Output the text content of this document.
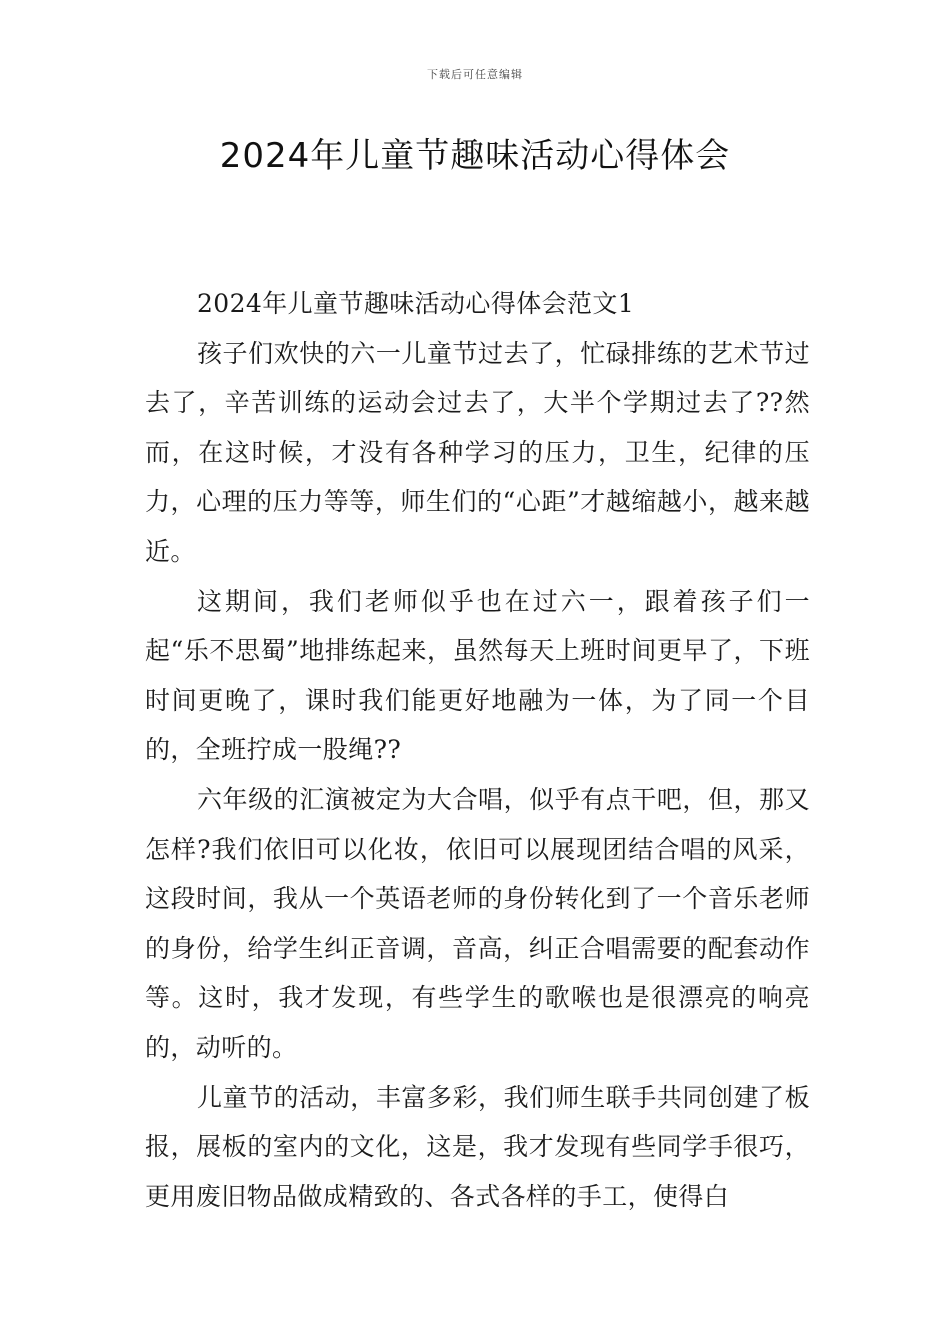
下载后可任意编辑
2024年儿童节趣味活动心得体会

2024年儿童节趣味活动心得体会范文1

孩子们欢快的六一儿童节过去了，忙碌排练的艺术节过去了，辛苦训练的运动会过去了，大半个学期过去了??然而，在这时候，才没有各种学习的压力，卫生，纪律的压力，心理的压力等等，师生们的“心距”才越缩越小，越来越近。

这期间，我们老师似乎也在过六一，跟着孩子们一起“乐不思蜀”地排练起来，虽然每天上班时间更早了，下班时间更晚了，课时我们能更好地融为一体，为了同一个目的，全班拧成一股绳??

六年级的汇演被定为大合唱，似乎有点干吧，但，那又怎样?我们依旧可以化妆，依旧可以展现团结合唱的风采，这段时间，我从一个英语老师的身份转化到了一个音乐老师的身份，给学生纠正音调，音高，纠正合唱需要的配套动作等。这时，我才发现，有些学生的歌喉也是很漂亮的响亮的，动听的。

儿童节的活动，丰富多彩，我们师生联手共同创建了板报，展板的室内的文化，这是，我才发现有些同学手很巧，更用废旧物品做成精致的、各式各样的手工，使得白
